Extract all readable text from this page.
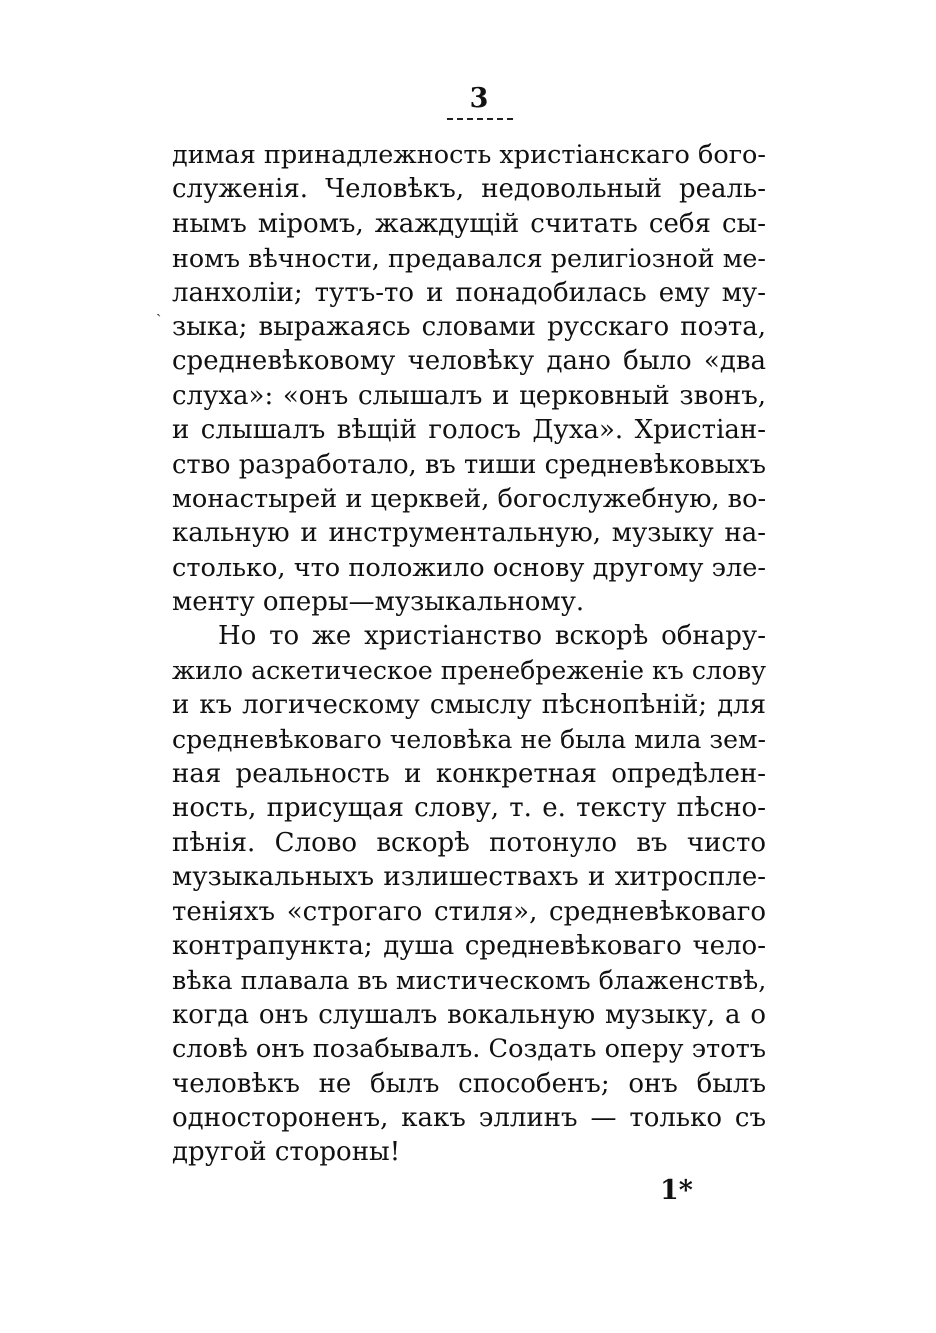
3
ˎ
димая принадлежность христіанскаго бого-
служенія. Человѣкъ, недовольный реаль-
нымъ міромъ, жаждущій считать себя сы-
номъ вѣчности, предавался религіозной ме-
ланхоліи; тутъ-то и понадобилась ему му-
зыка; выражаясь словами русскаго поэта,
средневѣковому человѣку дано было «два
слуха»: «онъ слышалъ и церковный звонъ,
и слышалъ вѣщій голосъ Духа». Христіан-
ство разработало, въ тиши средневѣковыхъ
монастырей и церквей, богослужебную, во-
кальную и инструментальную, музыку на-
столько, что положило основу другому эле-
менту оперы—музыкальному.
Но то же христіанство вскорѣ обнару-
жило аскетическое пренебреженіе къ слову
и къ логическому смыслу пѣснопѣній; для
средневѣковаго человѣка не была мила зем-
ная реальность и конкретная опредѣлен-
ность, присущая слову, т. е. тексту пѣсно-
пѣнія. Слово вскорѣ потонуло въ чисто
музыкальныхъ излишествахъ и хитроспле-
теніяхъ «строгаго стиля», средневѣковаго
контрапункта; душа средневѣковаго чело-
вѣка плавала въ мистическомъ блаженствѣ,
когда онъ слушалъ вокальную музыку, а о
словѣ онъ позабывалъ. Создать оперу этотъ
человѣкъ не былъ способенъ; онъ былъ
одностороненъ, какъ эллинъ — только съ
другой стороны!
1*
